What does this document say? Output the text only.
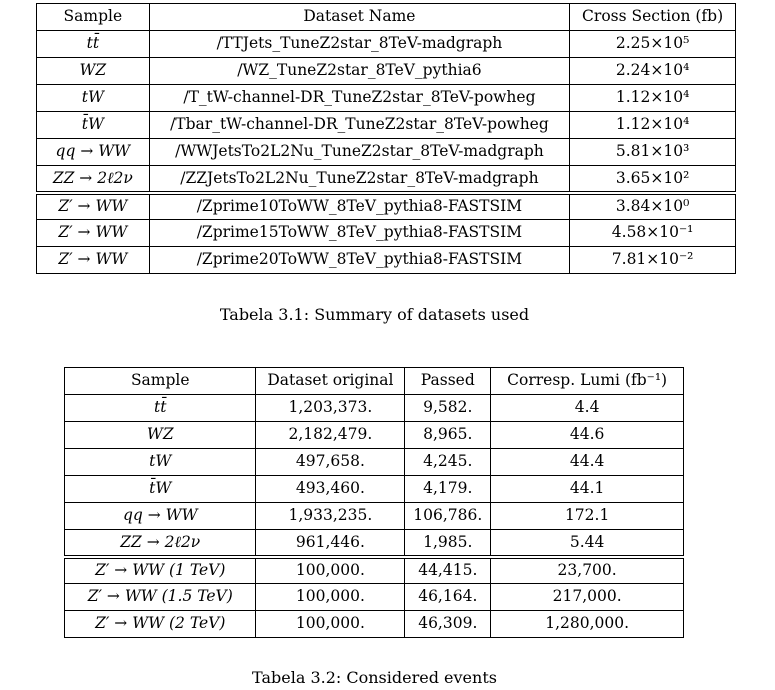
Sample	Dataset Name	Cross Section (fb)
tt̄	/TTJets_TuneZ2star_8TeV-madgraph	2.25×10⁵
WZ	/WZ_TuneZ2star_8TeV_pythia6	2.24×10⁴
tW	/T_tW-channel-DR_TuneZ2star_8TeV-powheg	1.12×10⁴
t̄W	/Tbar_tW-channel-DR_TuneZ2star_8TeV-powheg	1.12×10⁴
qq → WW	/WWJetsTo2L2Nu_TuneZ2star_8TeV-madgraph	5.81×10³
ZZ → 2ℓ2ν	/ZZJetsTo2L2Nu_TuneZ2star_8TeV-madgraph	3.65×10²
Z′ → WW	/Zprime10ToWW_8TeV_pythia8-FASTSIM	3.84×10⁰
Z′ → WW	/Zprime15ToWW_8TeV_pythia8-FASTSIM	4.58×10⁻¹
Z′ → WW	/Zprime20ToWW_8TeV_pythia8-FASTSIM	7.81×10⁻²
Tabela 3.1: Summary of datasets used
Sample	Dataset original	Passed	Corresp. Lumi (fb⁻¹)
tt̄	1,203,373.	9,582.	4.4
WZ	2,182,479.	8,965.	44.6
tW	497,658.	4,245.	44.4
t̄W	493,460.	4,179.	44.1
qq → WW	1,933,235.	106,786.	172.1
ZZ → 2ℓ2ν	961,446.	1,985.	5.44
Z′ → WW (1 TeV)	100,000.	44,415.	23,700.
Z′ → WW (1.5 TeV)	100,000.	46,164.	217,000.
Z′ → WW (2 TeV)	100,000.	46,309.	1,280,000.
Tabela 3.2: Considered events
